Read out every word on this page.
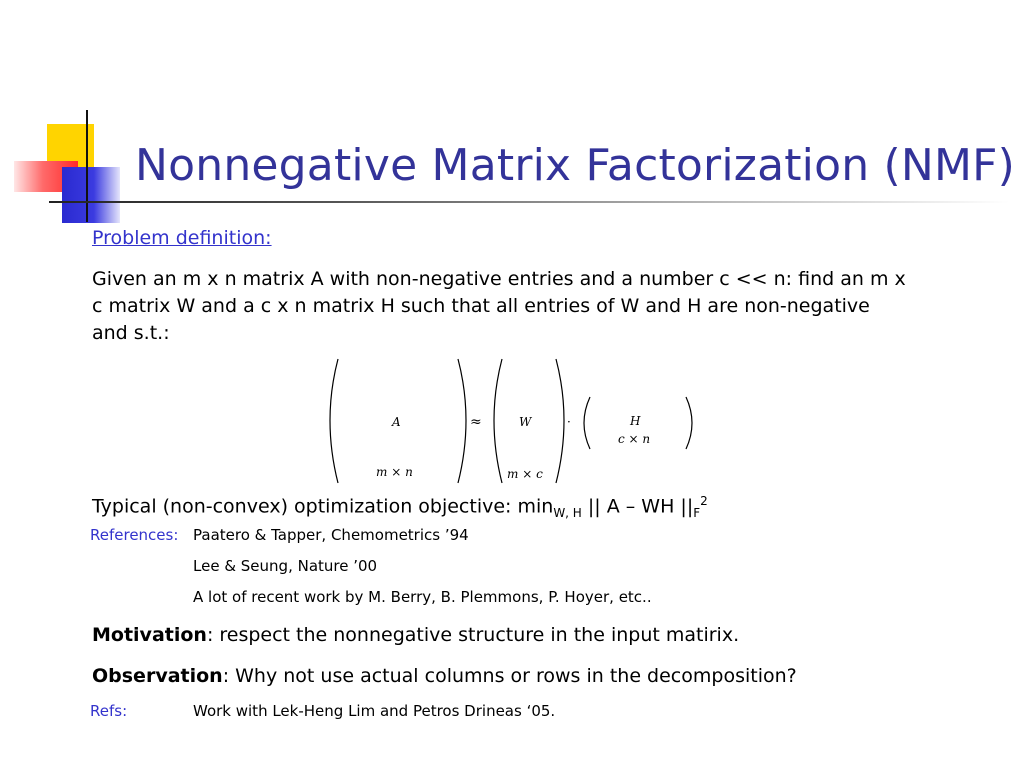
Nonnegative Matrix Factorization (NMF)
Problem definition:
Given an m x n matrix A with non-negative entries and a number c << n: find an m x
c matrix W and a c x n matrix H such that all entries of W and H are non-negative
and s.t.:
A
m × n
≈	W
m × c
·	H
c × n
Typical (non-convex) optimization objective: $\min_{W, H}$ || A – WH $||_F^2$
References: Paatero & Tapper, Chemometrics ’94
Lee & Seung, Nature ’00
A lot of recent work by M. Berry, B. Plemmons, P. Hoyer, etc..
Motivation: respect the nonnegative structure in the input matirix.
Observation: Why not use actual columns or rows in the decomposition?
Refs:	Work with Lek-Heng Lim and Petros Drineas ‘05.
